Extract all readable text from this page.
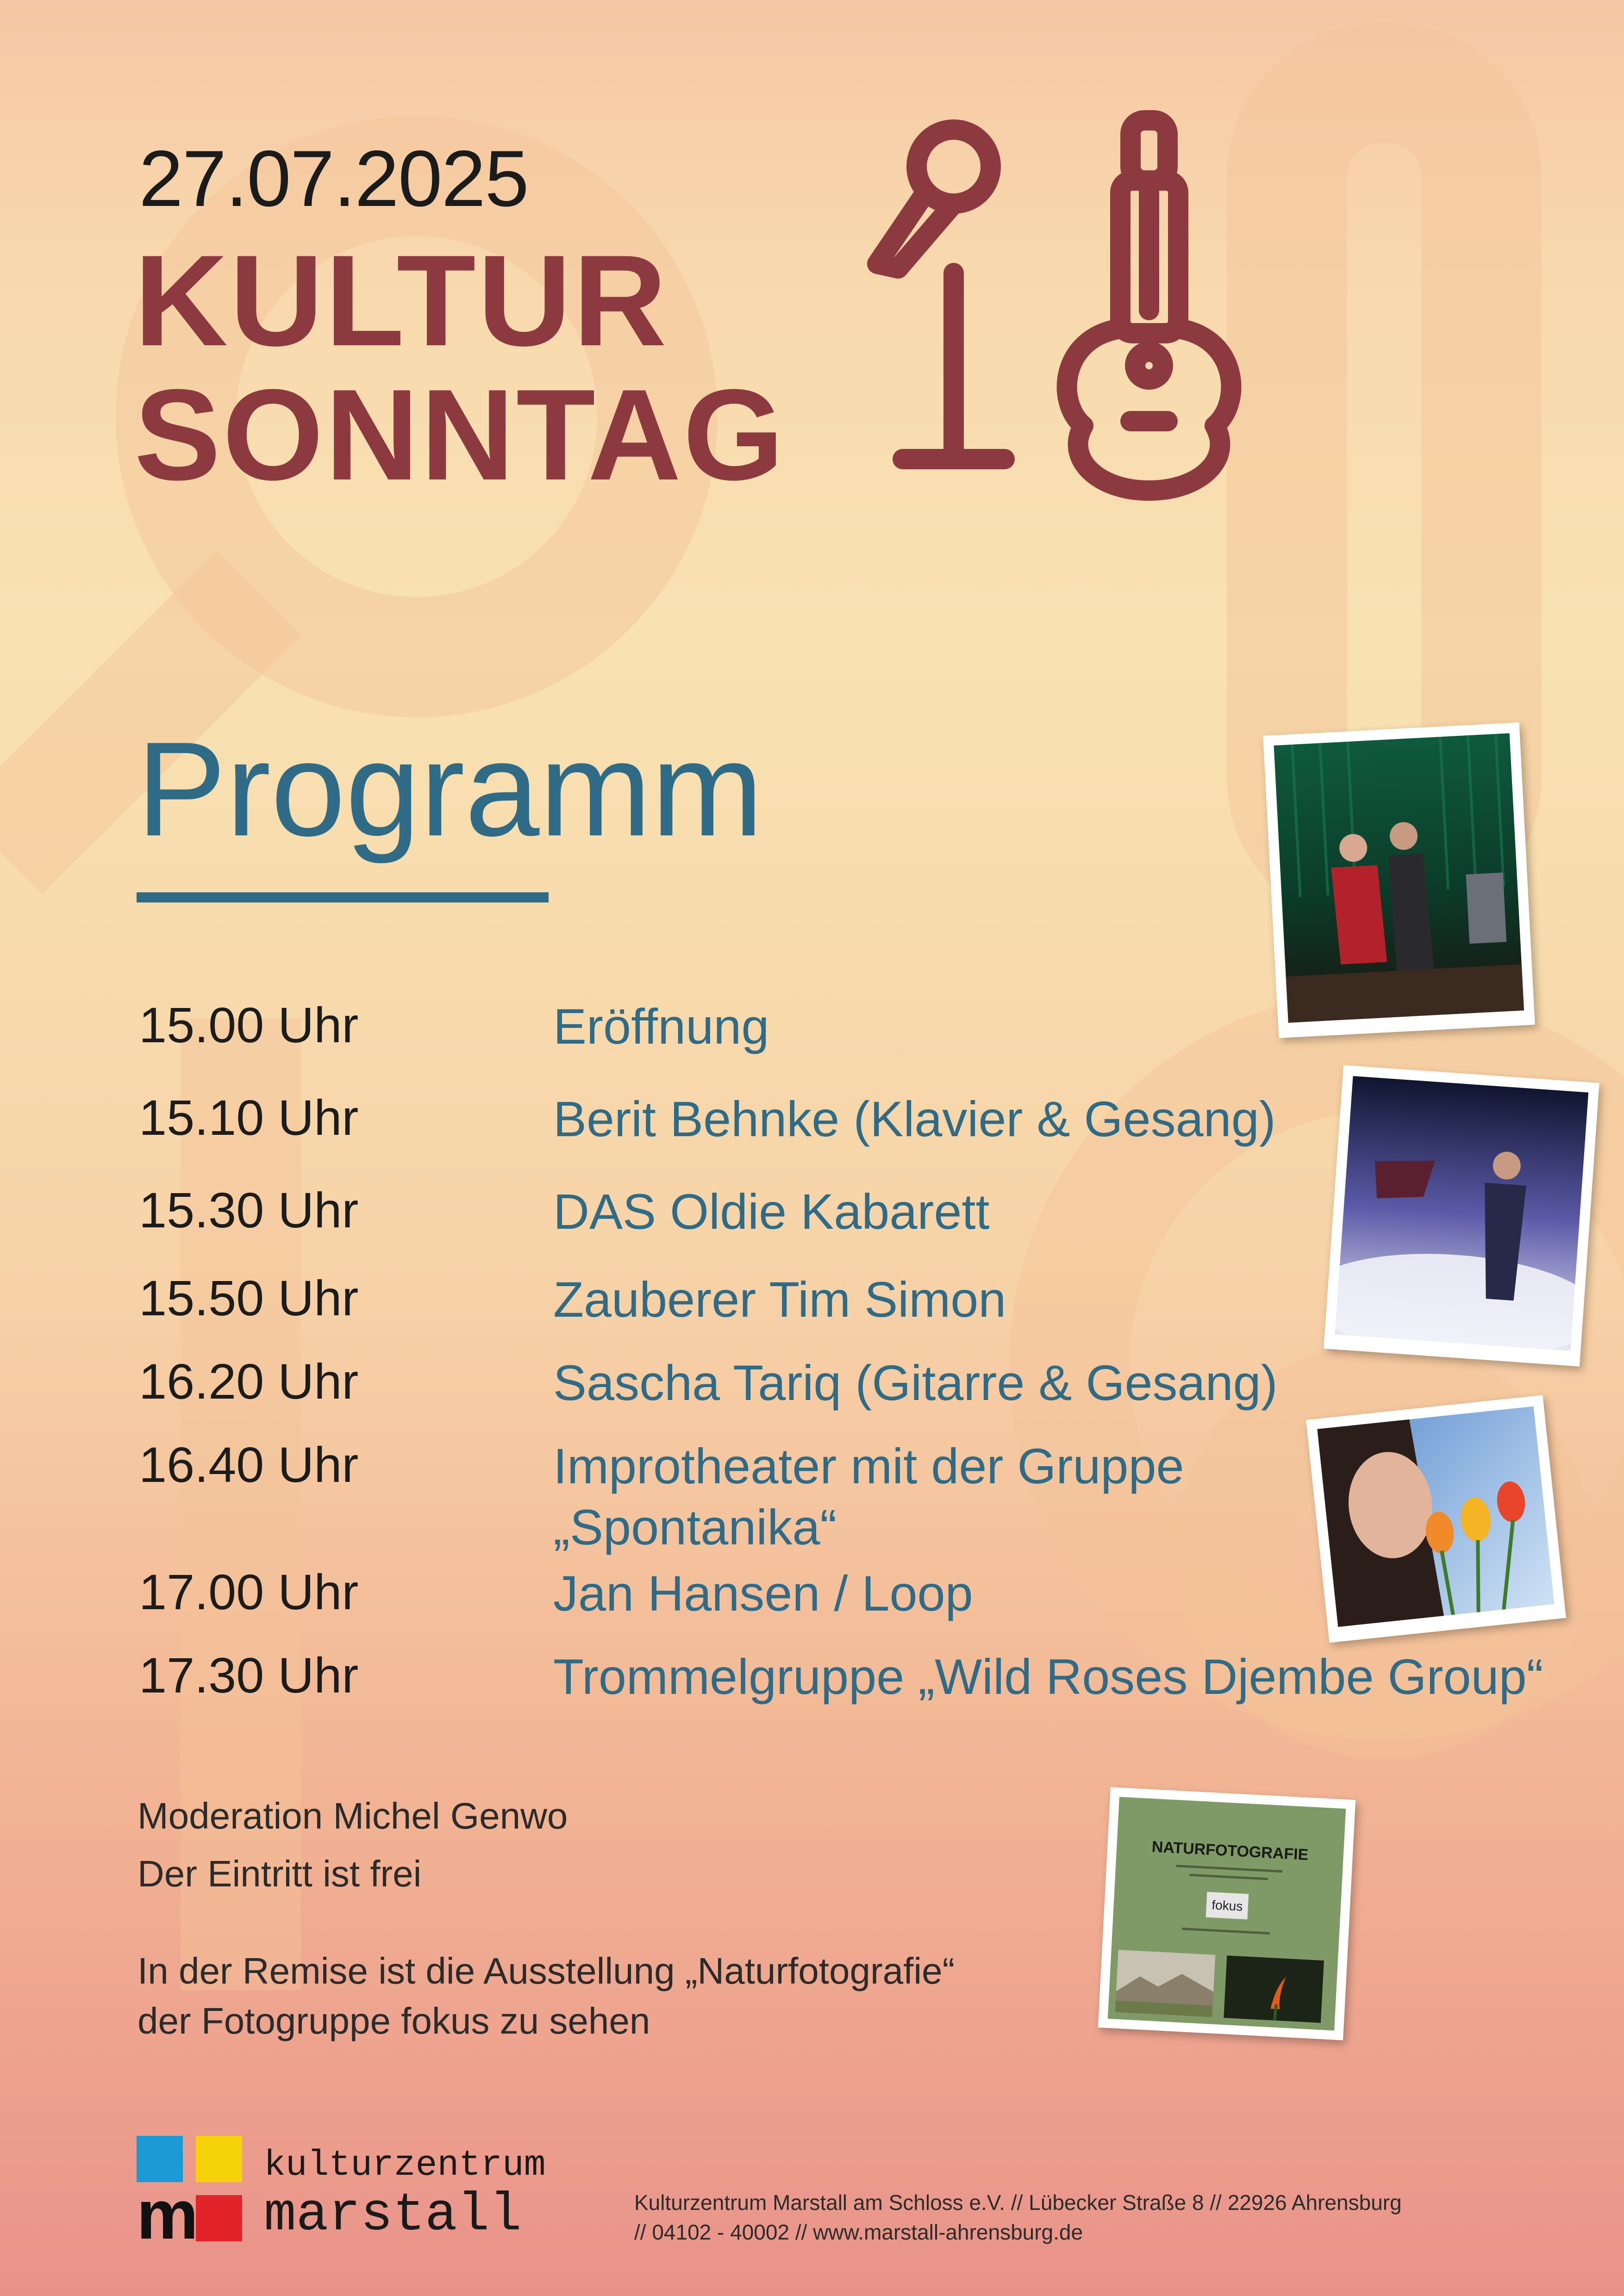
27.07.2025
KULTUR
SONNTAG
Programm
15.00 Uhr	Eröffnung
15.10 Uhr	Berit Behnke (Klavier & Gesang)
15.30 Uhr	DAS Oldie Kabarett
15.50 Uhr	Zauberer Tim Simon
16.20 Uhr	Sascha Tariq (Gitarre & Gesang)
16.40 Uhr	Improtheater mit der Gruppe
„Spontanika“
17.00 Uhr	Jan Hansen / Loop
17.30 Uhr	Trommelgruppe „Wild Roses Djembe Group“
Moderation Michel Genwo
Der Eintritt ist frei
In der Remise ist die Ausstellung „Naturfotografie“
der Fotogruppe fokus zu sehen
NATURFOTOGRAFIE
fokus
m
kulturzentrum
marstall	Kulturzentrum Marstall am Schloss e.V. // Lübecker Straße 8 // 22926 Ahrensburg
// 04102 - 40002 // www.marstall-ahrensburg.de
